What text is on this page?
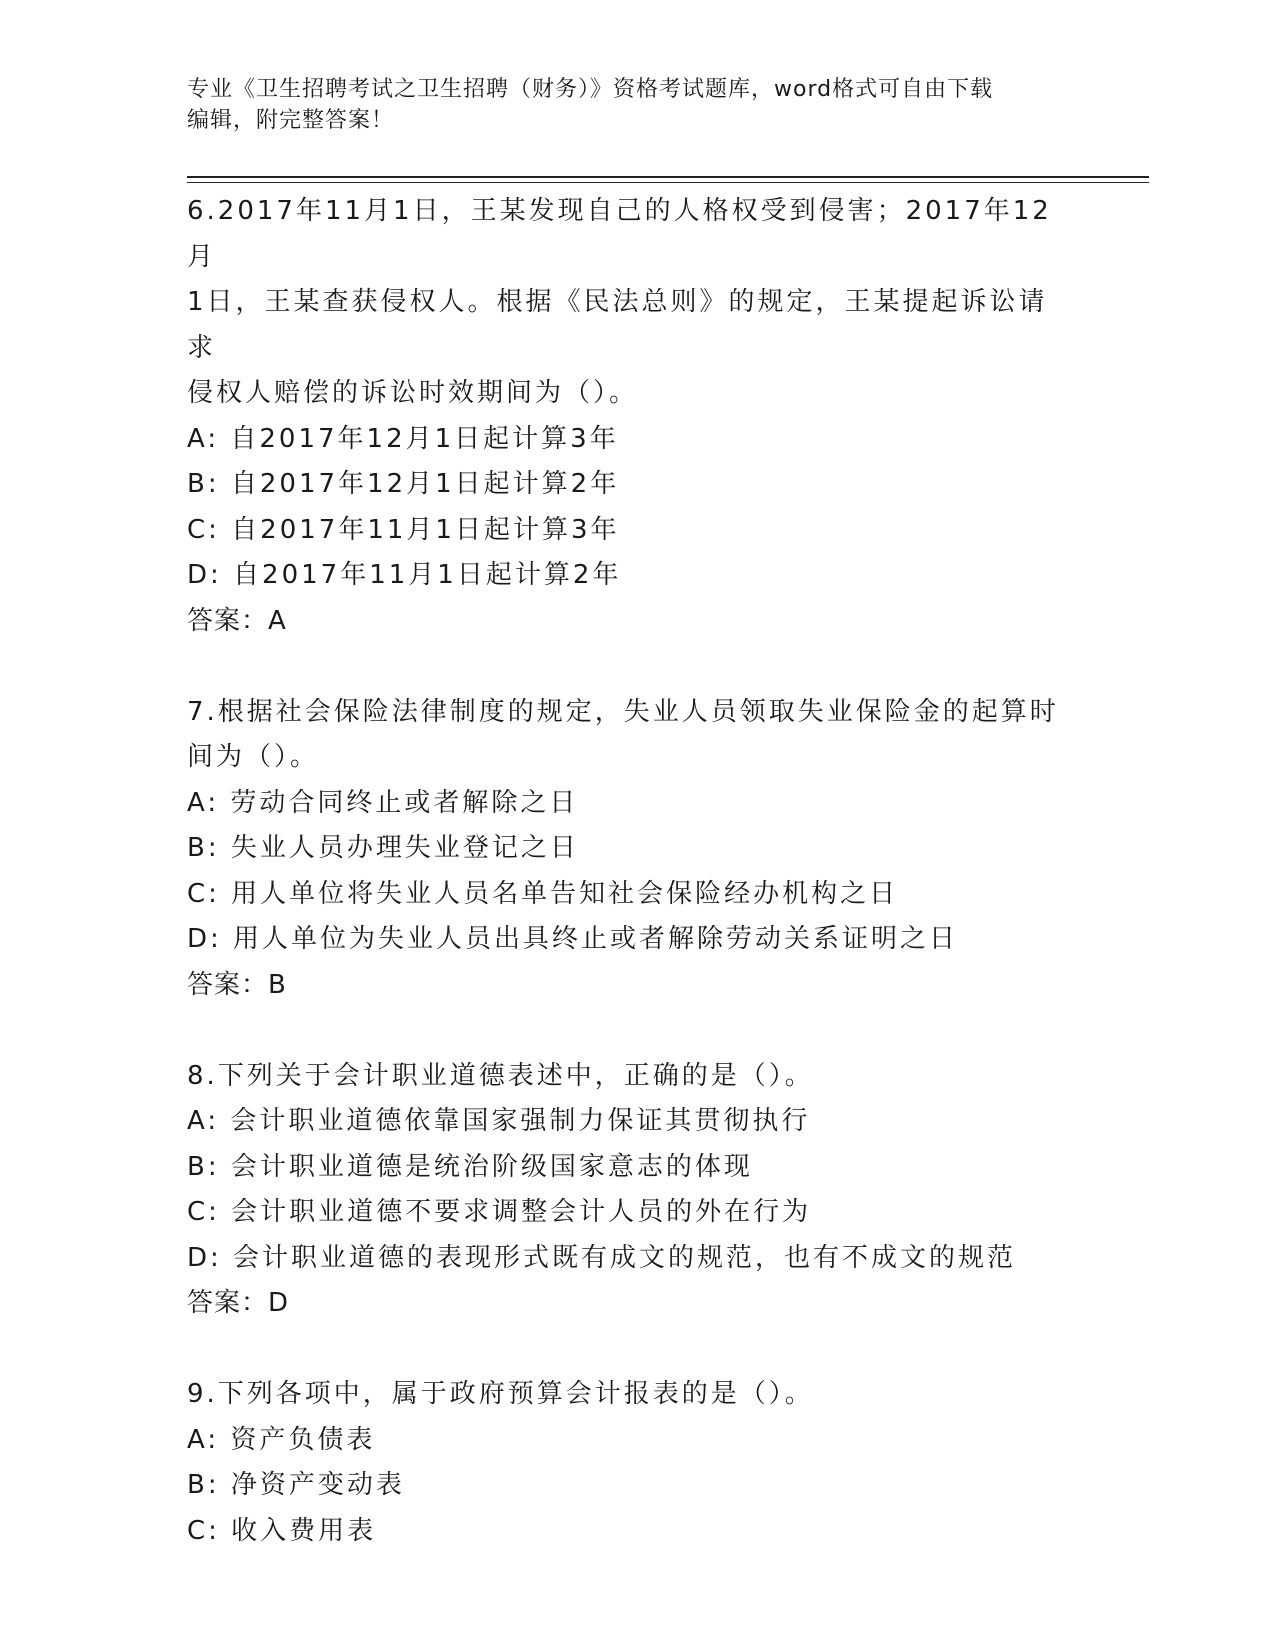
专业《卫生招聘考试之卫生招聘（财务）》资格考试题库，word格式可自由下载
编辑，附完整答案！

6.2017年11月1日，王某发现自己的人格权受到侵害；2017年12月

1日，王某查获侵权人。根据《民法总则》的规定，王某提起诉讼请求

侵权人赔偿的诉讼时效期间为（）。

A: 自2017年12月1日起计算3年

B: 自2017年12月1日起计算2年

C: 自2017年11月1日起计算3年

D: 自2017年11月1日起计算2年

答案：A

7.根据社会保险法律制度的规定，失业人员领取失业保险金的起算时

间为（）。

A: 劳动合同终止或者解除之日

B: 失业人员办理失业登记之日

C: 用人单位将失业人员名单告知社会保险经办机构之日

D: 用人单位为失业人员出具终止或者解除劳动关系证明之日

答案：B

8.下列关于会计职业道德表述中，正确的是（）。

A: 会计职业道德依靠国家强制力保证其贯彻执行

B: 会计职业道德是统治阶级国家意志的体现

C: 会计职业道德不要求调整会计人员的外在行为

D: 会计职业道德的表现形式既有成文的规范，也有不成文的规范

答案：D

9.下列各项中，属于政府预算会计报表的是（）。

A: 资产负债表

B: 净资产变动表

C: 收入费用表
